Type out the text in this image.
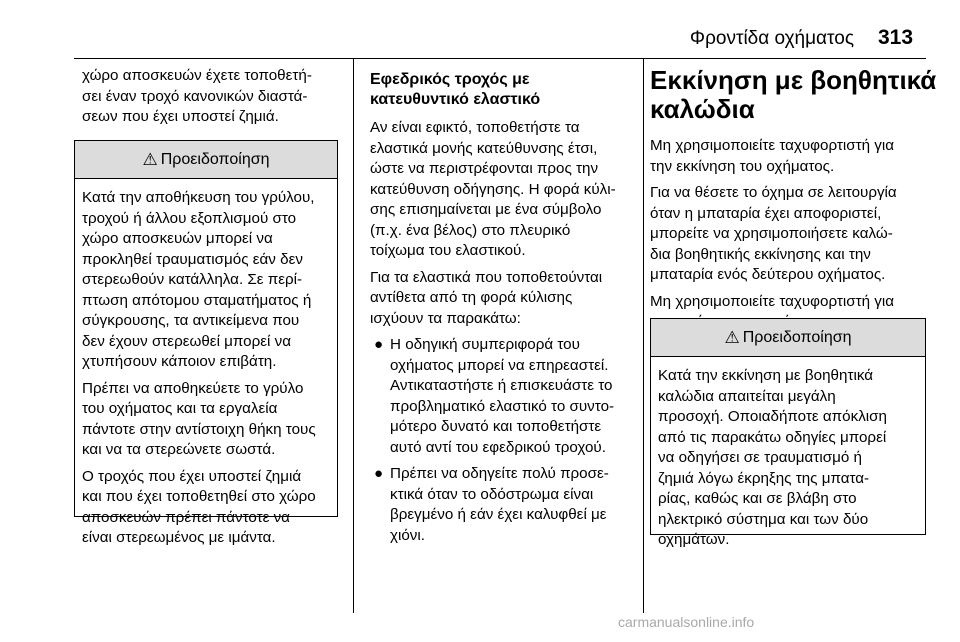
Φροντίδα οχήματος 313
χώρο αποσκευών έχετε τοποθετή-
σει έναν τροχό κανονικών διαστά-
σεων που έχει υποστεί ζημιά.
⚠ Προειδοποίηση
Κατά την αποθήκευση του γρύλου,
τροχού ή άλλου εξοπλισμού στο
χώρο αποσκευών μπορεί να
προκληθεί τραυματισμός εάν δεν
στερεωθούν κατάλληλα. Σε περί-
πτωση απότομου σταματήματος ή
σύγκρουσης, τα αντικείμενα που
δεν έχουν στερεωθεί μπορεί να
χτυπήσουν κάποιον επιβάτη.
Πρέπει να αποθηκεύετε το γρύλο
του οχήματος και τα εργαλεία
πάντοτε στην αντίστοιχη θήκη τους
και να τα στερεώνετε σωστά.
Ο τροχός που έχει υποστεί ζημιά
και που έχει τοποθετηθεί στο χώρο
αποσκευών πρέπει πάντοτε να
είναι στερεωμένος με ιμάντα.
Εφεδρικός τροχός με
κατευθυντικό ελαστικό
Αν είναι εφικτό, τοποθετήστε τα
ελαστικά μονής κατεύθυνσης έτσι,
ώστε να περιστρέφονται προς την
κατεύθυνση οδήγησης. Η φορά κύλι-
σης επισημαίνεται με ένα σύμβολο
(π.χ. ένα βέλος) στο πλευρικό
τοίχωμα του ελαστικού.
Για τα ελαστικά που τοποθετούνται
αντίθετα από τη φορά κύλισης
ισχύουν τα παρακάτω:
● Η οδηγική συμπεριφορά του
οχήματος μπορεί να επηρεαστεί.
Αντικαταστήστε ή επισκευάστε το
προβληματικό ελαστικό το συντο-
μότερο δυνατό και τοποθετήστε
αυτό αντί του εφεδρικού τροχού.
● Πρέπει να οδηγείτε πολύ προσε-
κτικά όταν το οδόστρωμα είναι
βρεγμένο ή εάν έχει καλυφθεί με
χιόνι.
Εκκίνηση με βοηθητικά
καλώδια
Μη χρησιμοποιείτε ταχυφορτιστή για
την εκκίνηση του οχήματος.
Για να θέσετε το όχημα σε λειτουργία
όταν η μπαταρία έχει αποφοριστεί,
μπορείτε να χρησιμοποιήσετε καλώ-
δια βοηθητικής εκκίνησης και την
μπαταρία ενός δεύτερου οχήματος.
Μη χρησιμοποιείτε ταχυφορτιστή για
⚠ Προειδοποίηση
Κατά την εκκίνηση με βοηθητικά
καλώδια απαιτείται μεγάλη
προσοχή. Οποιαδήποτε απόκλιση
από τις παρακάτω οδηγίες μπορεί
να οδηγήσει σε τραυματισμό ή
ζημιά λόγω έκρηξης της μπατα-
ρίας, καθώς και σε βλάβη στο
ηλεκτρικό σύστημα και των δύο
οχημάτων.
carmanualsonline.info
